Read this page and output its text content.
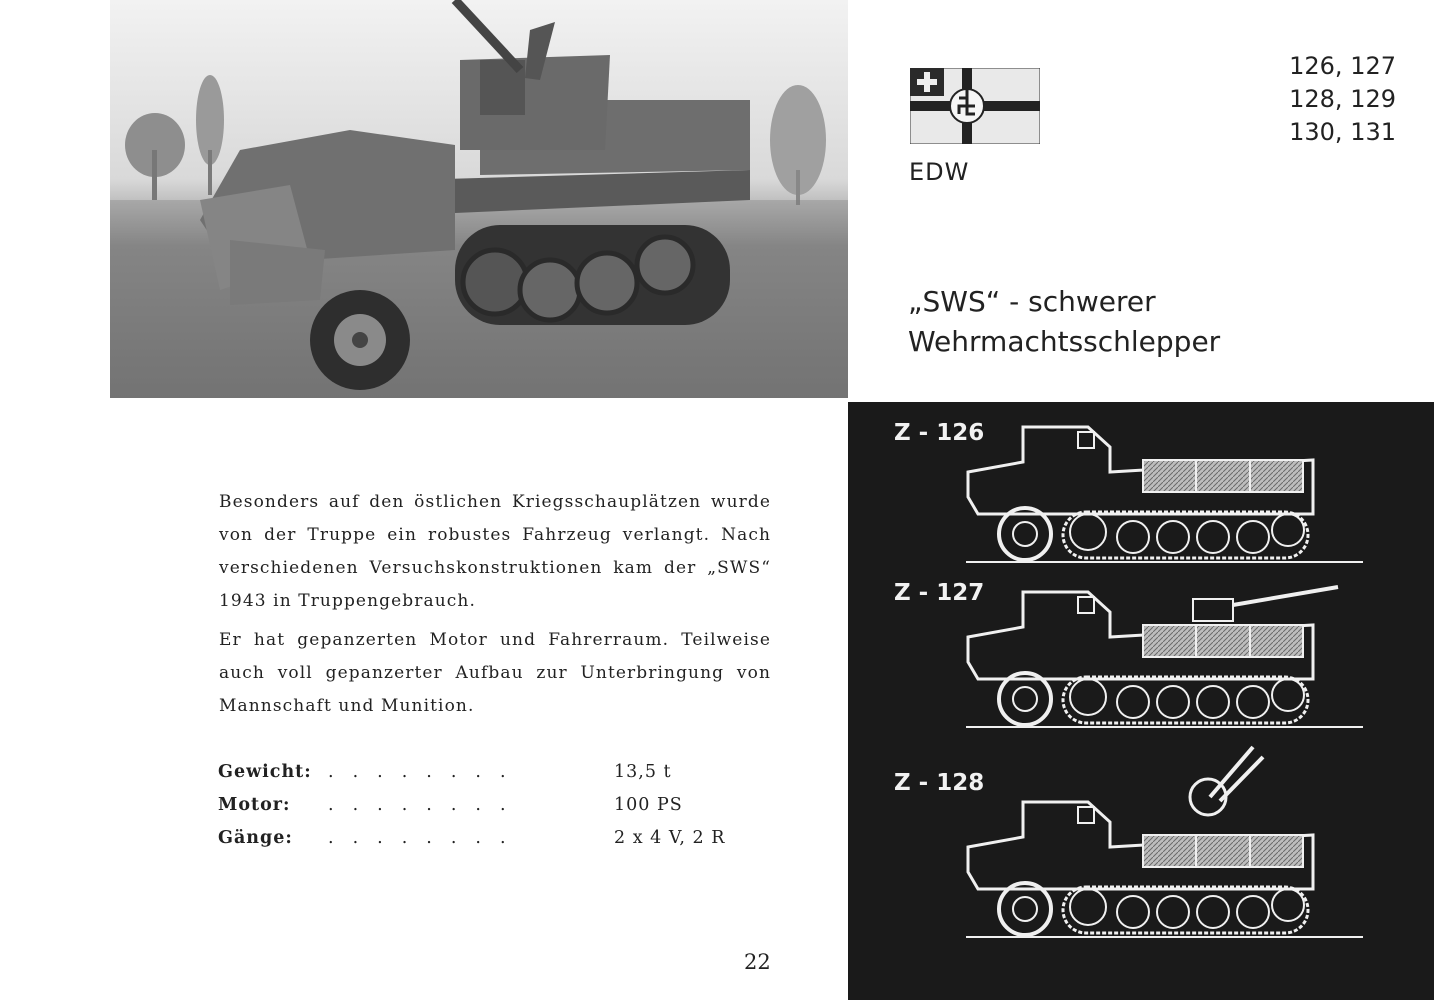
EDW
126, 127
128, 129
130, 131
„SWS“ - schwerer
Wehrmachtsschlepper

Besonders auf den östlichen Kriegsschauplätzen wurde von der Truppe ein robustes Fahrzeug verlangt. Nach verschiedenen Versuchskonstruktionen kam der „SWS“ 1943 in Truppengebrauch.

Er hat gepanzerten Motor und Fahrerraum. Teilweise auch voll gepanzerter Aufbau zur Unterbringung von Mannschaft und Munition.

Gewicht: ........	13,5 t
Motor: ........	100 PS
Gänge: ........	2 x 4 V, 2 R
22
Z - 126
Z - 127
Z - 128
